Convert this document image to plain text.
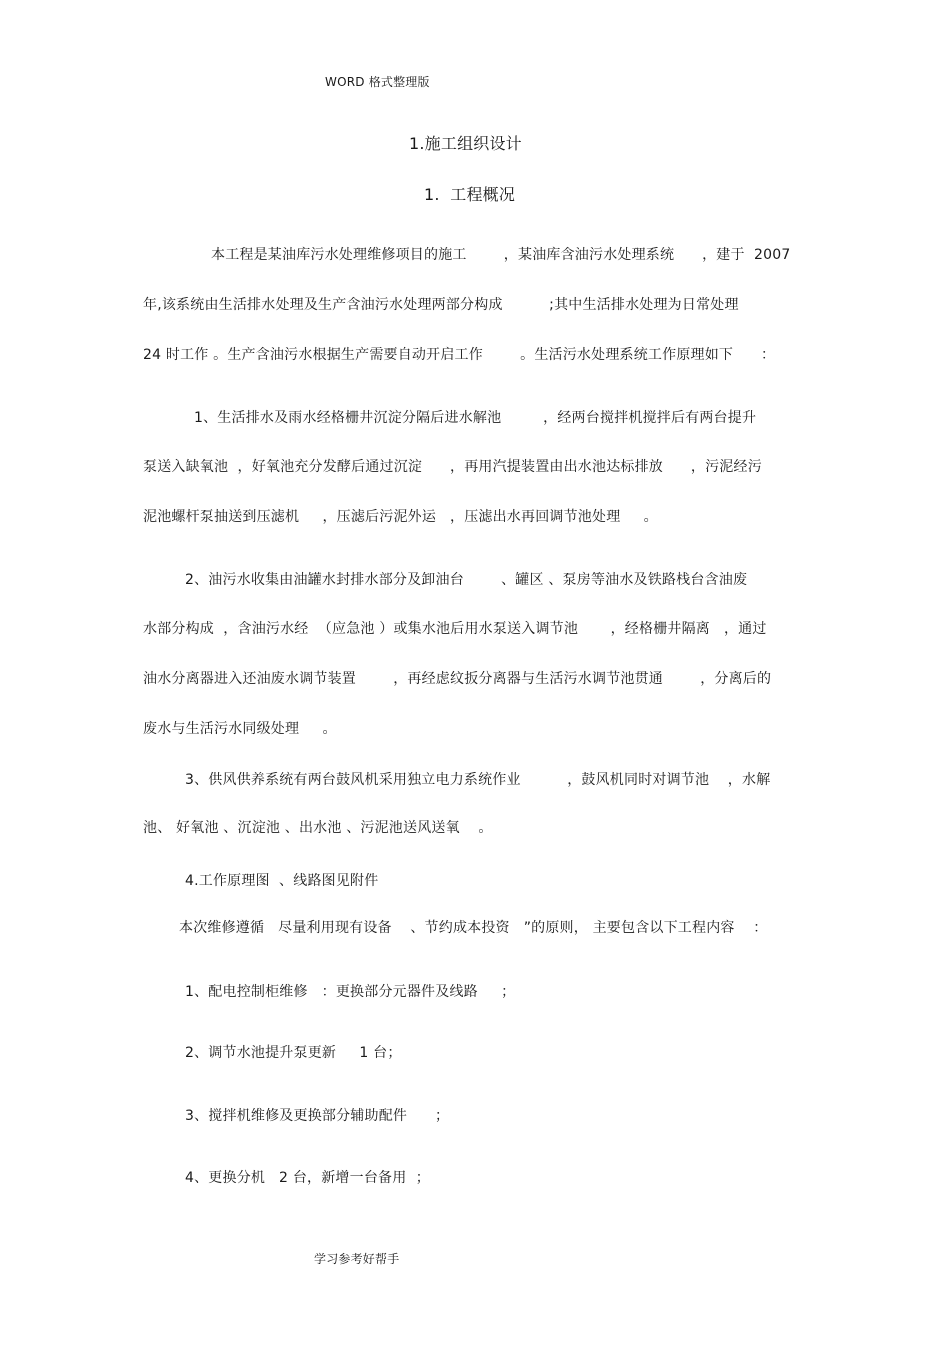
WORD 格式整理版
1.施工组织设计
1.  工程概况
本工程是某油库污水处理维修项目的施工        ，某油库含油污水处理系统      ，建于  2007
年,该系统由生活排水处理及生产含油污水处理两部分构成          ;其中生活排水处理为日常处理
24 时工作 。生产含油污水根据生产需要自动开启工作        。生活污水处理系统工作原理如下      ：
1、生活排水及雨水经格栅井沉淀分隔后进水解池         ，经两台搅拌机搅拌后有两台提升
泵送入缺氧池  ，好氧池充分发酵后通过沉淀      ，再用汽提装置由出水池达标排放      ，污泥经污
泥池螺杆泵抽送到压滤机     ，压滤后污泥外运   ，压滤出水再回调节池处理     。
2、油污水收集由油罐水封排水部分及卸油台        、罐区 、泵房等油水及铁路栈台含油废
水部分构成  ，含油污水经  （应急池 ）或集水池后用水泵送入调节池       ，经格栅井隔离   ，通过
油水分离器进入还油废水调节装置        ，再经虑纹扳分离器与生活污水调节池贯通        ，分离后的
废水与生活污水同级处理     。
3、供风供养系统有两台鼓风机采用独立电力系统作业          ，鼓风机同时对调节池    ，水解
池、 好氧池 、沉淀池 、出水池 、污泥池送风送氧    。
4.工作原理图  、线路图见附件
本次维修遵循   尽量利用现有设备    、节约成本投资   ”的原则， 主要包含以下工程内容    ：
1、配电控制柜维修   ：更换部分元器件及线路     ；
2、调节水池提升泵更新     1 台；
3、搅拌机维修及更换部分辅助配件      ；
4、更换分机   2 台，新增一台备用  ；
学习参考好帮手
